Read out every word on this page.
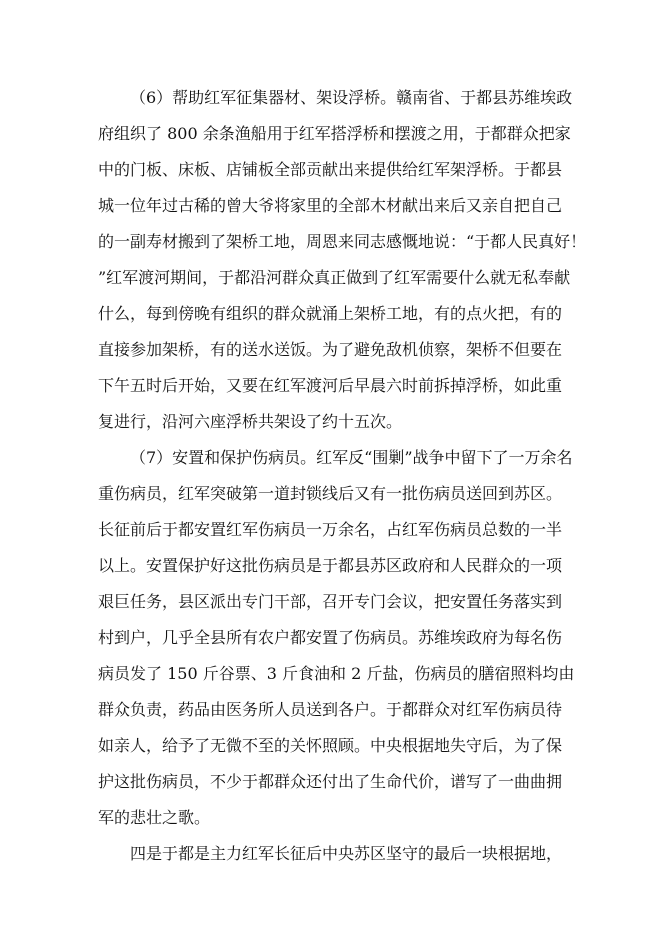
（6）帮助红军征集器材、架设浮桥。赣南省、于都县苏维埃政
府组织了 800 余条渔船用于红军搭浮桥和摆渡之用，于都群众把家
中的门板、床板、店铺板全部贡献出来提供给红军架浮桥。于都县
城一位年过古稀的曾大爷将家里的全部木材献出来后又亲自把自己
的一副寿材搬到了架桥工地，周恩来同志感慨地说：“于都人民真好！
”红军渡河期间，于都沿河群众真正做到了红军需要什么就无私奉献
什么，每到傍晚有组织的群众就涌上架桥工地，有的点火把，有的
直接参加架桥，有的送水送饭。为了避免敌机侦察，架桥不但要在
下午五时后开始，又要在红军渡河后早晨六时前拆掉浮桥，如此重
复进行，沿河六座浮桥共架设了约十五次。
（7）安置和保护伤病员。红军反“围剿”战争中留下了一万余名
重伤病员，红军突破第一道封锁线后又有一批伤病员送回到苏区。
长征前后于都安置红军伤病员一万余名，占红军伤病员总数的一半
以上。安置保护好这批伤病员是于都县苏区政府和人民群众的一项
艰巨任务，县区派出专门干部，召开专门会议，把安置任务落实到
村到户，几乎全县所有农户都安置了伤病员。苏维埃政府为每名伤
病员发了 150 斤谷票、3 斤食油和 2 斤盐，伤病员的膳宿照料均由
群众负责，药品由医务所人员送到各户。于都群众对红军伤病员待
如亲人，给予了无微不至的关怀照顾。中央根据地失守后，为了保
护这批伤病员，不少于都群众还付出了生命代价，谱写了一曲曲拥
军的悲壮之歌。
四是于都是主力红军长征后中央苏区坚守的最后一块根据地，
